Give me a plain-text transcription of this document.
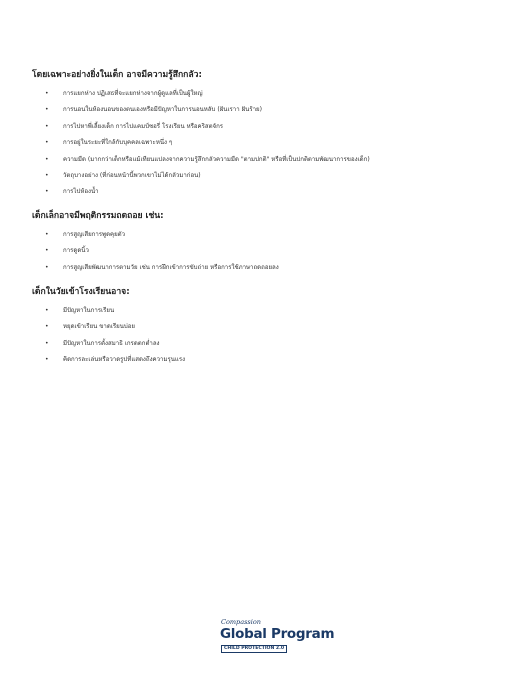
โดยเฉพาะอย่างยิ่งในเด็ก อาจมีความรู้สึกกลัว:

• การแยกห่าง ปฏิเสธที่จะแยกห่างจากผู้ดูแลที่เป็นผู้ใหญ่
• การนอนในห้องนอนของตนเองหรือมีปัญหาในการนอนหลับ (ฝันเราา ฝันร้าย)
• การไปหาพี่เลี้ยงเด็ก การไปแคมป์ซอรี่ โรงเรียน หรือคริสตจักร
• การอยู่ในระยะที่ใกล้กับบุคคลเฉพาะหนึ่ง ๆ
• ความมืด (มากกว่าเด็กหรือแม้เทียนแปลงจากความรู้สึกกลัวความมืด "ตามปกติ" หรือที่เป็นปกติตามพัฒนาการของเด็ก)
• วัตถุบางอย่าง (ที่ก่อนหน้านี้พวกเขาไม่ได้กลัวมาก่อน)
• การไปห้องน้ำ

เด็กเล็กอาจมีพฤติกรรมถดถอย เช่น:

• การสูญเสียการพูดคุยตัว
• การดูดนิ้ว
• การสูญเสียพัฒนาการตามวัย เช่น การฝึกเข้าการขับถ่าย หรือการใช้ภาษาถดถอยลง

เด็กในวัยเข้าโรงเรียนอาจ:

• มีปัญหาในการเรียน
• หยุดเข้าเรียน ขาดเรียนบ่อย
• มีปัญหาในการตั้งสมาธิ เกรดตกต่ำลง
• คิดการละเล่นหรือวาดรูปที่แสดงถึงความรุนแรง
Compassion
Global Program
CHILD PROTECTION 2.0
